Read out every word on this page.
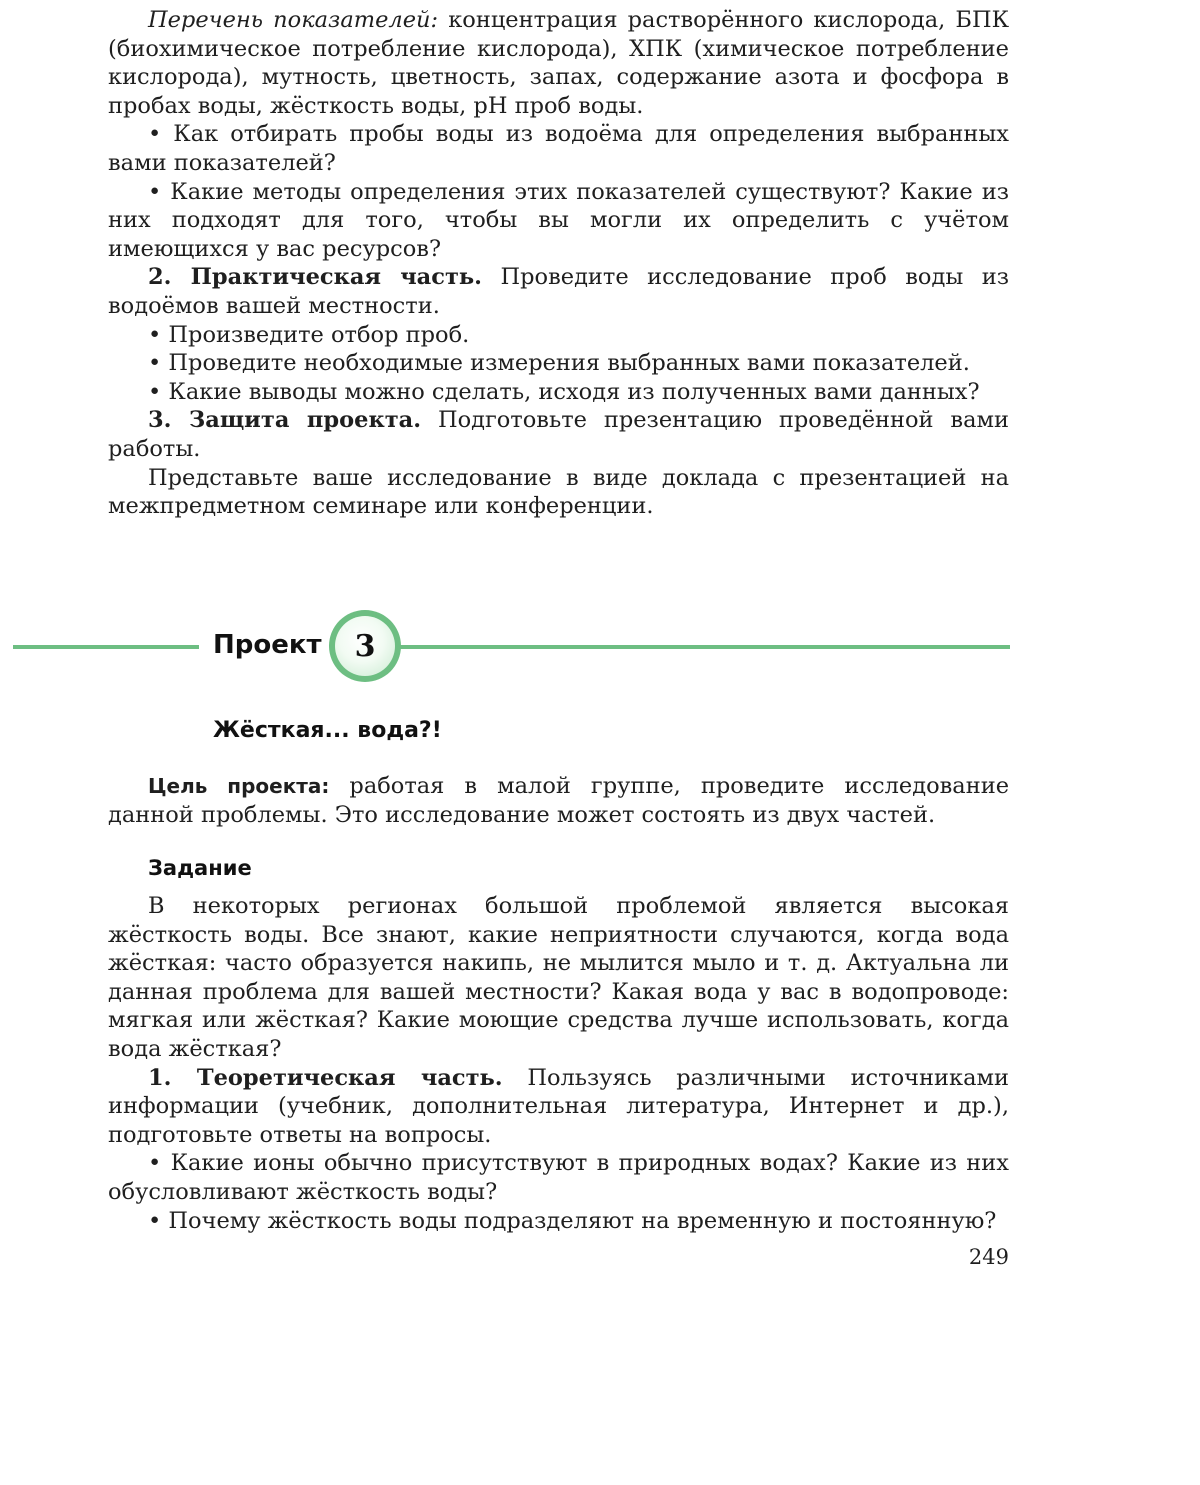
Перечень показателей: концентрация растворённого кислорода, БПК (биохимическое потребление кислорода), ХПК (химическое потребление кислорода), мутность, цветность, запах, содержание азота и фосфора в пробах воды, жёсткость воды, pH проб воды.

• Как отбирать пробы воды из водоёма для определения выбранных вами показателей?

• Какие методы определения этих показателей существуют? Какие из них подходят для того, чтобы вы могли их определить с учётом имеющихся у вас ресурсов?

2. Практическая часть. Проведите исследование проб воды из водоёмов вашей местности.

• Произведите отбор проб.

• Проведите необходимые измерения выбранных вами показателей.

• Какие выводы можно сделать, исходя из полученных вами данных?

3. Защита проекта. Подготовьте презентацию проведённой вами работы.

Представьте ваше исследование в виде доклада с презентацией на межпредметном семинаре или конференции.

Проект	3
Жёсткая... вода?!

Цель проекта: работая в малой группе, проведите исследование данной проблемы. Это исследование может состоять из двух частей.

Задание

В некоторых регионах большой проблемой является высокая жёсткость воды. Все знают, какие неприятности случаются, когда вода жёсткая: часто образуется накипь, не мылится мыло и т. д. Актуальна ли данная проблема для вашей местности? Какая вода у вас в водопроводе: мягкая или жёсткая? Какие моющие средства лучше использовать, когда вода жёсткая?

1. Теоретическая часть. Пользуясь различными источниками информации (учебник, дополнительная литература, Интернет и др.), подготовьте ответы на вопросы.

• Какие ионы обычно присутствуют в природных водах? Какие из них обусловливают жёсткость воды?

• Почему жёсткость воды подразделяют на временную и постоянную?

249
